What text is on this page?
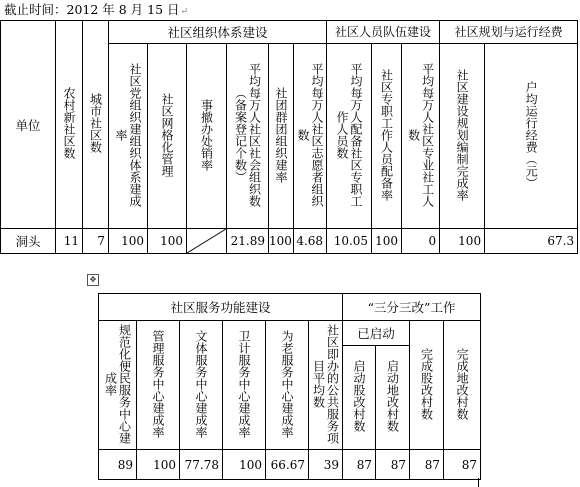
截止时间：2012 年 8 月 15 日↵
单位	农村新社区数	城市社区数	社区组织体系建设						社区人员队伍建设			社区规划与运行经费	
			社区党组织建组织体系建成率	社区网格化管理	事撤办处销率	平均每万人社区社会组织数（备案登记个数）	社团群团组织建率	平均每万人社区志愿者组织数	平均每万人配备社区专职工作人员数	社区专职工作人员配备率	平均每万人社区专业社工人数	社区建设规划编制完成率	户均运行经费（元）
洞头	11	7	100	100		21.89	100	4.68	10.05	100	0	100	67.3
✥
社区服务功能建设						“三分三改”工作			
规范化便民服务中心建成率	管理服务中心建成率	文体服务中心建成率	卫计服务中心建成率	为老服务中心建成率	社区即办的公共服务项目平均数	已启动		完成股改村数	完成地改村数
						启动股改村数	启动地改村数		
89	100	77.78	100	66.67	39	87	87	87	87
